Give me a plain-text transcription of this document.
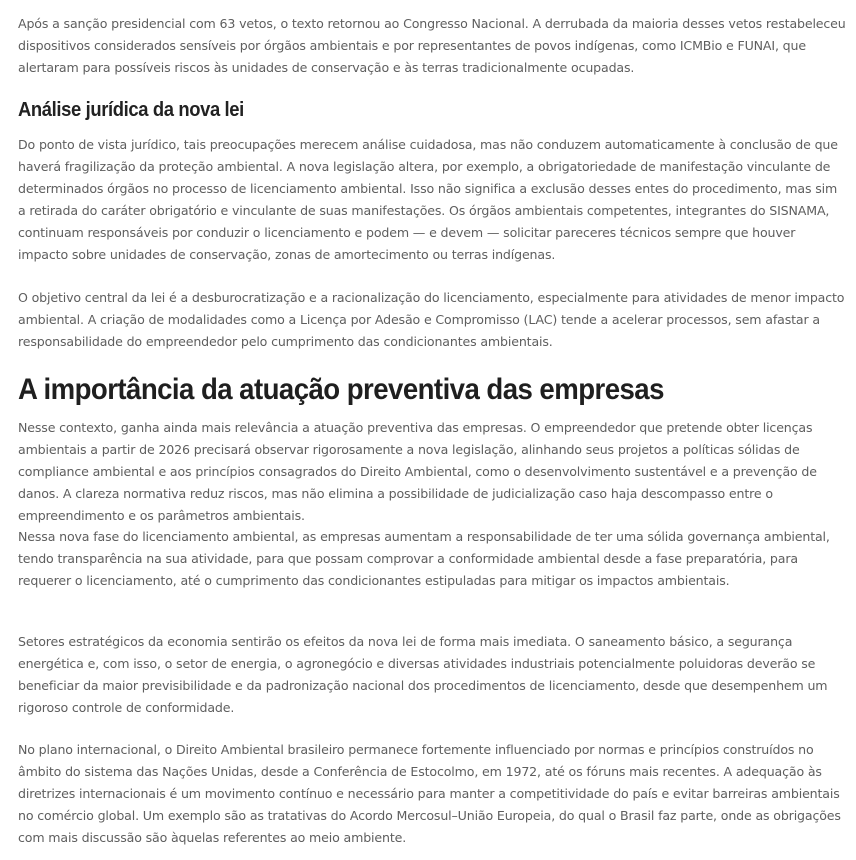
Após a sanção presidencial com 63 vetos, o texto retornou ao Congresso Nacional. A derrubada da maioria desses vetos restabeleceu dispositivos considerados sensíveis por órgãos ambientais e por representantes de povos indígenas, como ICMBio e FUNAI, que alertaram para possíveis riscos às unidades de conservação e às terras tradicionalmente ocupadas.

Análise jurídica da nova lei

Do ponto de vista jurídico, tais preocupações merecem análise cuidadosa, mas não conduzem automaticamente à conclusão de que haverá fragilização da proteção ambiental. A nova legislação altera, por exemplo, a obrigatoriedade de manifestação vinculante de determinados órgãos no processo de licenciamento ambiental. Isso não significa a exclusão desses entes do procedimento, mas sim a retirada do caráter obrigatório e vinculante de suas manifestações. Os órgãos ambientais competentes, integrantes do SISNAMA, continuam responsáveis por conduzir o licenciamento e podem — e devem — solicitar pareceres técnicos sempre que houver impacto sobre unidades de conservação, zonas de amortecimento ou terras indígenas.

O objetivo central da lei é a desburocratização e a racionalização do licenciamento, especialmente para atividades de menor impacto ambiental. A criação de modalidades como a Licença por Adesão e Compromisso (LAC) tende a acelerar processos, sem afastar a responsabilidade do empreendedor pelo cumprimento das condicionantes ambientais.

A importância da atuação preventiva das empresas

Nesse contexto, ganha ainda mais relevância a atuação preventiva das empresas. O empreendedor que pretende obter licenças ambientais a partir de 2026 precisará observar rigorosamente a nova legislação, alinhando seus projetos a políticas sólidas de compliance ambiental e aos princípios consagrados do Direito Ambiental, como o desenvolvimento sustentável e a prevenção de danos. A clareza normativa reduz riscos, mas não elimina a possibilidade de judicialização caso haja descompasso entre o empreendimento e os parâmetros ambientais.

Nessa nova fase do licenciamento ambiental, as empresas aumentam a responsabilidade de ter uma sólida governança ambiental, tendo transparência na sua atividade, para que possam comprovar a conformidade ambiental desde a fase preparatória, para requerer o licenciamento, até o cumprimento das condicionantes estipuladas para mitigar os impactos ambientais.

Setores estratégicos da economia sentirão os efeitos da nova lei de forma mais imediata. O saneamento básico, a segurança energética e, com isso, o setor de energia, o agronegócio e diversas atividades industriais potencialmente poluidoras deverão se beneficiar da maior previsibilidade e da padronização nacional dos procedimentos de licenciamento, desde que desempenhem um rigoroso controle de conformidade.

No plano internacional, o Direito Ambiental brasileiro permanece fortemente influenciado por normas e princípios construídos no âmbito do sistema das Nações Unidas, desde a Conferência de Estocolmo, em 1972, até os fóruns mais recentes. A adequação às diretrizes internacionais é um movimento contínuo e necessário para manter a competitividade do país e evitar barreiras ambientais no comércio global. Um exemplo são as tratativas do Acordo Mercosul–União Europeia, do qual o Brasil faz parte, onde as obrigações com mais discussão são àquelas referentes ao meio ambiente.
